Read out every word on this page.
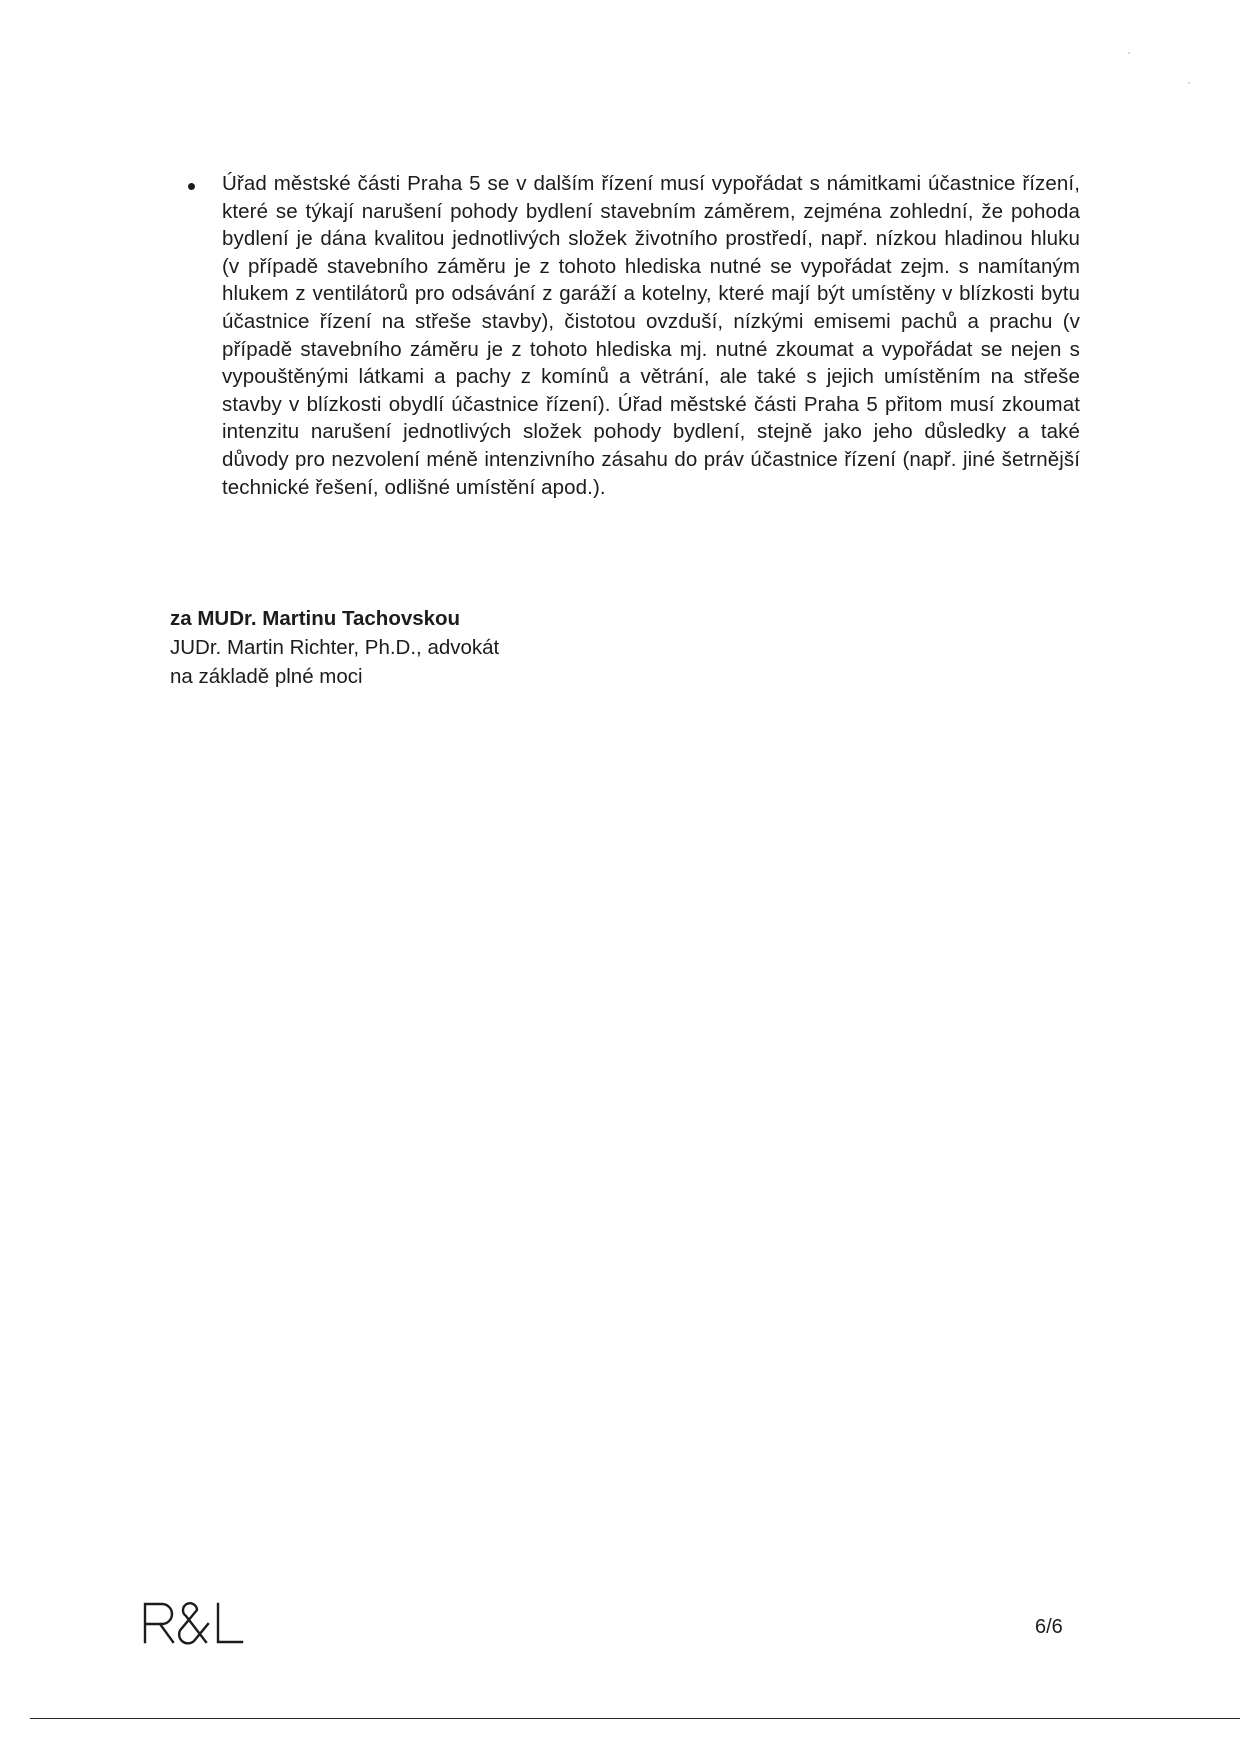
Úřad městské části Praha 5 se v dalším řízení musí vypořádat s námitkami účastnice řízení, které se týkají narušení pohody bydlení stavebním záměrem, zejména zohlední, že pohoda bydlení je dána kvalitou jednotlivých složek životního prostředí, např. nízkou hladinou hluku (v případě stavebního záměru je z tohoto hlediska nutné se vypořádat zejm. s namítaným hlukem z ventilátorů pro odsávání z garáží a kotelny, které mají být umístěny v blízkosti bytu účastnice řízení na střeše stavby), čistotou ovzduší, nízkými emisemi pachů a prachu (v případě stavebního záměru je z tohoto hlediska mj. nutné zkoumat a vypořádat se nejen s vypouštěnými látkami a pachy z komínů a větrání, ale také s jejich umístěním na střeše stavby v blízkosti obydlí účastnice řízení). Úřad městské části Praha 5 přitom musí zkoumat intenzitu narušení jednotlivých složek pohody bydlení, stejně jako jeho důsledky a také důvody pro nezvolení méně intenzivního zásahu do práv účastnice řízení (např. jiné šetrnější technické řešení, odlišné umístění apod.).
za MUDr. Martinu Tachovskou
JUDr. Martin Richter, Ph.D., advokát
na základě plné moci
6/6
